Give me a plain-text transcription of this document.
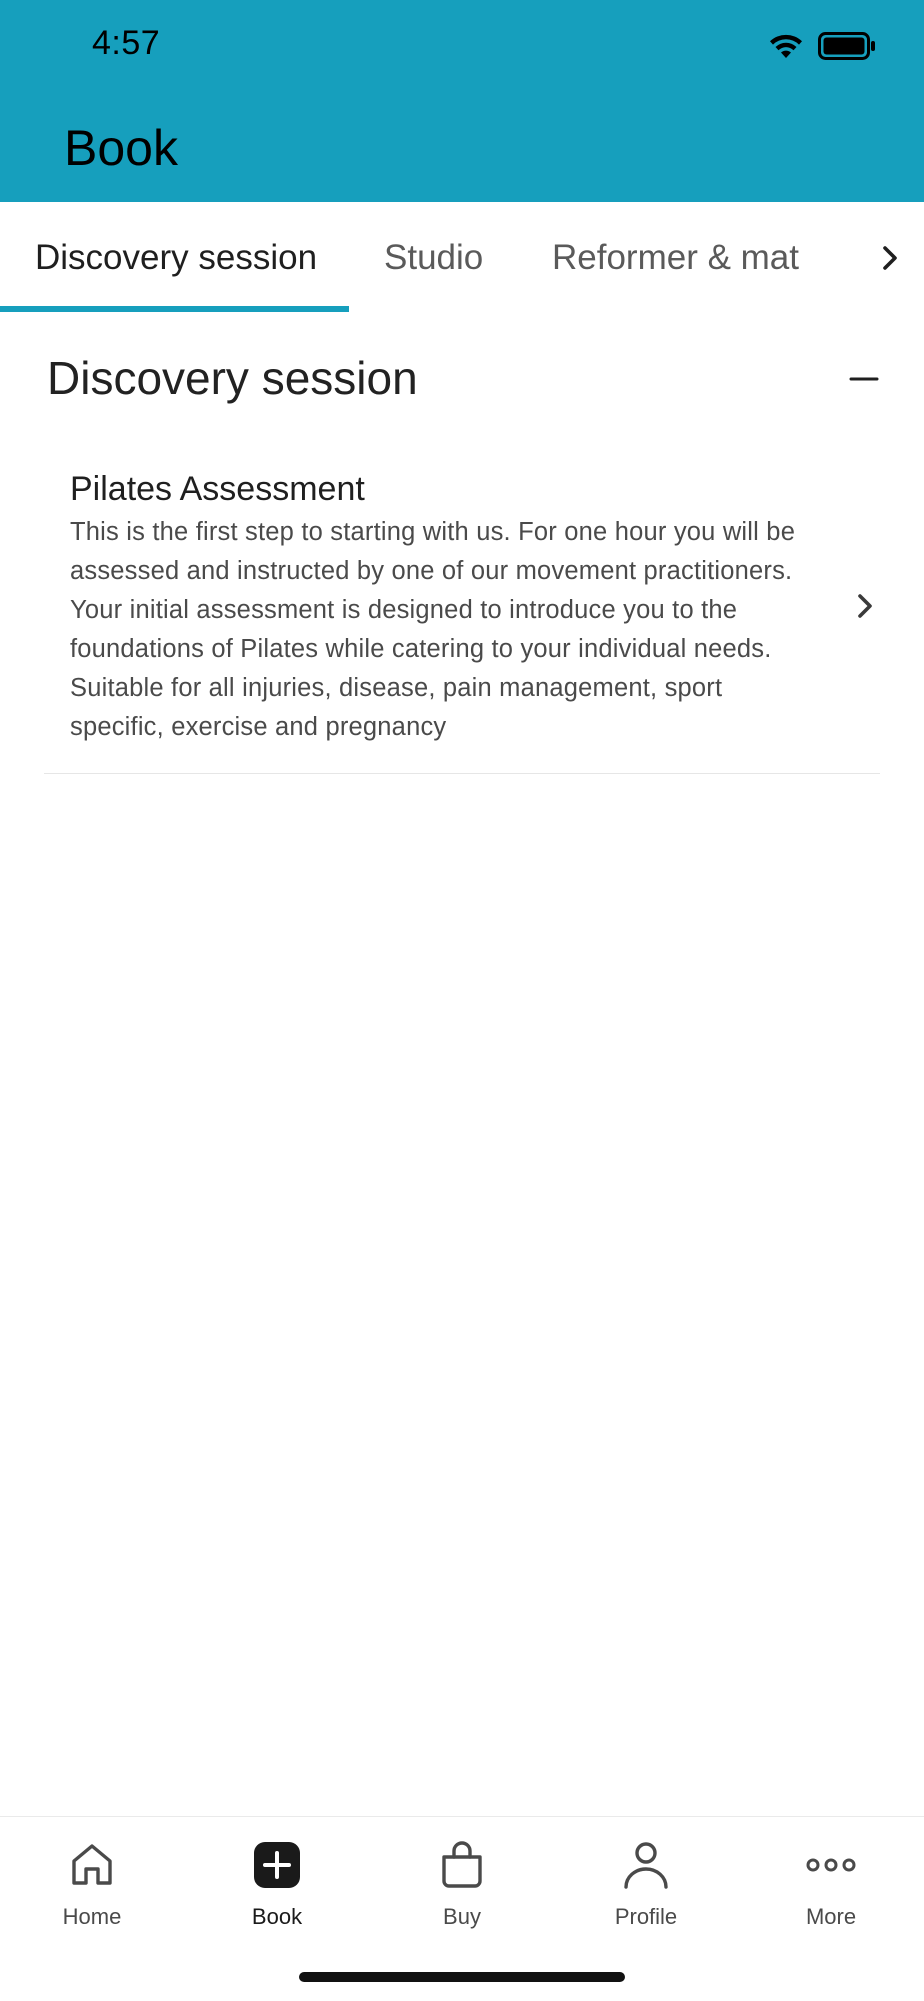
4:57
Book
Discovery session Studio Reformer & mat
Discovery session
Pilates Assessment
This is the first step to starting with us. For one hour you will be
assessed and instructed by one of our movement practitioners.
Your initial assessment is designed to introduce you to the
foundations of Pilates while catering to your individual needs.
Suitable for all injuries, disease, pain management, sport
specific, exercise and pregnancy
Home	Book	Buy	Profile	More
